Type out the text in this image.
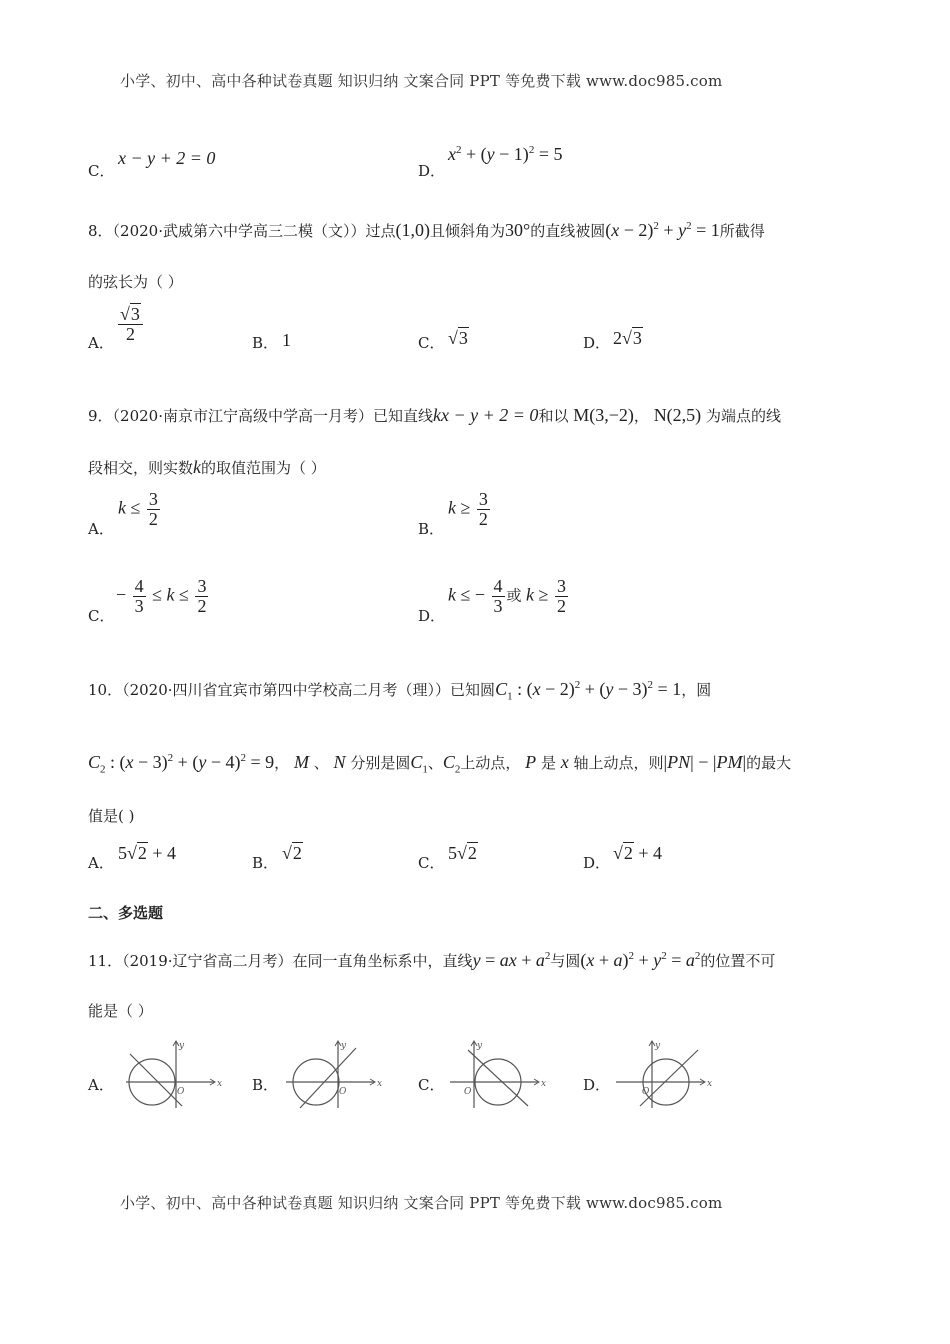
小学、初中、高中各种试卷真题 知识归纳 文案合同 PPT 等免费下载 www.doc985.com
C．
x − y + 2 = 0
D．
$x^2 + (y - 1)^2 = 5$
8．（2020·武威第六中学高三二模（文））过点(1,0)且倾斜角为30°的直线被圆$(x - 2)^2 + y^2 = 1$所截得
的弦长为（ ）
A． $\frac{√3}{2}$	B． 1	C． √3	D． 2√3
9．（2020·南京市江宁高级中学高一月考）已知直线kx − y + 2 = 0和以 M(3,−2)， N(2,5) 为端点的线
段相交，则实数k的取值范围为（ ）
A．
$k \le \frac{3}{2}$
B．
$k \ge \frac{3}{2}$
C．
− $\frac{4}{3} \le k \le \frac{3}{2}$
D．
k ≤ − $\frac{4}{3}$ 或 $k \ge \frac{3}{2}$
10．（2020·四川省宜宾市第四中学校高二月考（理））已知圆$C_1$ : $(x - 2)^2 + (y - 3)^2 = 1$，圆
$C_2$ : $(x - 3)^2 + (y - 4)^2 = 9$， M 、 N 分别是圆$C_1$、$C_2$上动点， P 是 x 轴上动点，则|PN| − |PM|的最大
值是( )
A． 5√2 + 4	B． √2	C． 5√2	D． √2 + 4
二、多选题
11．（2019·辽宁省高二月考）在同一直角坐标系中，直线y = ax + $a^2$与圆$(x + a)^2 + y^2 = a^2$的位置不可
能是（ ）
A．
y
x
O	B．
y
x
O	C．
y
x
O	D．
y
x
O
小学、初中、高中各种试卷真题 知识归纳 文案合同 PPT 等免费下载 www.doc985.com
